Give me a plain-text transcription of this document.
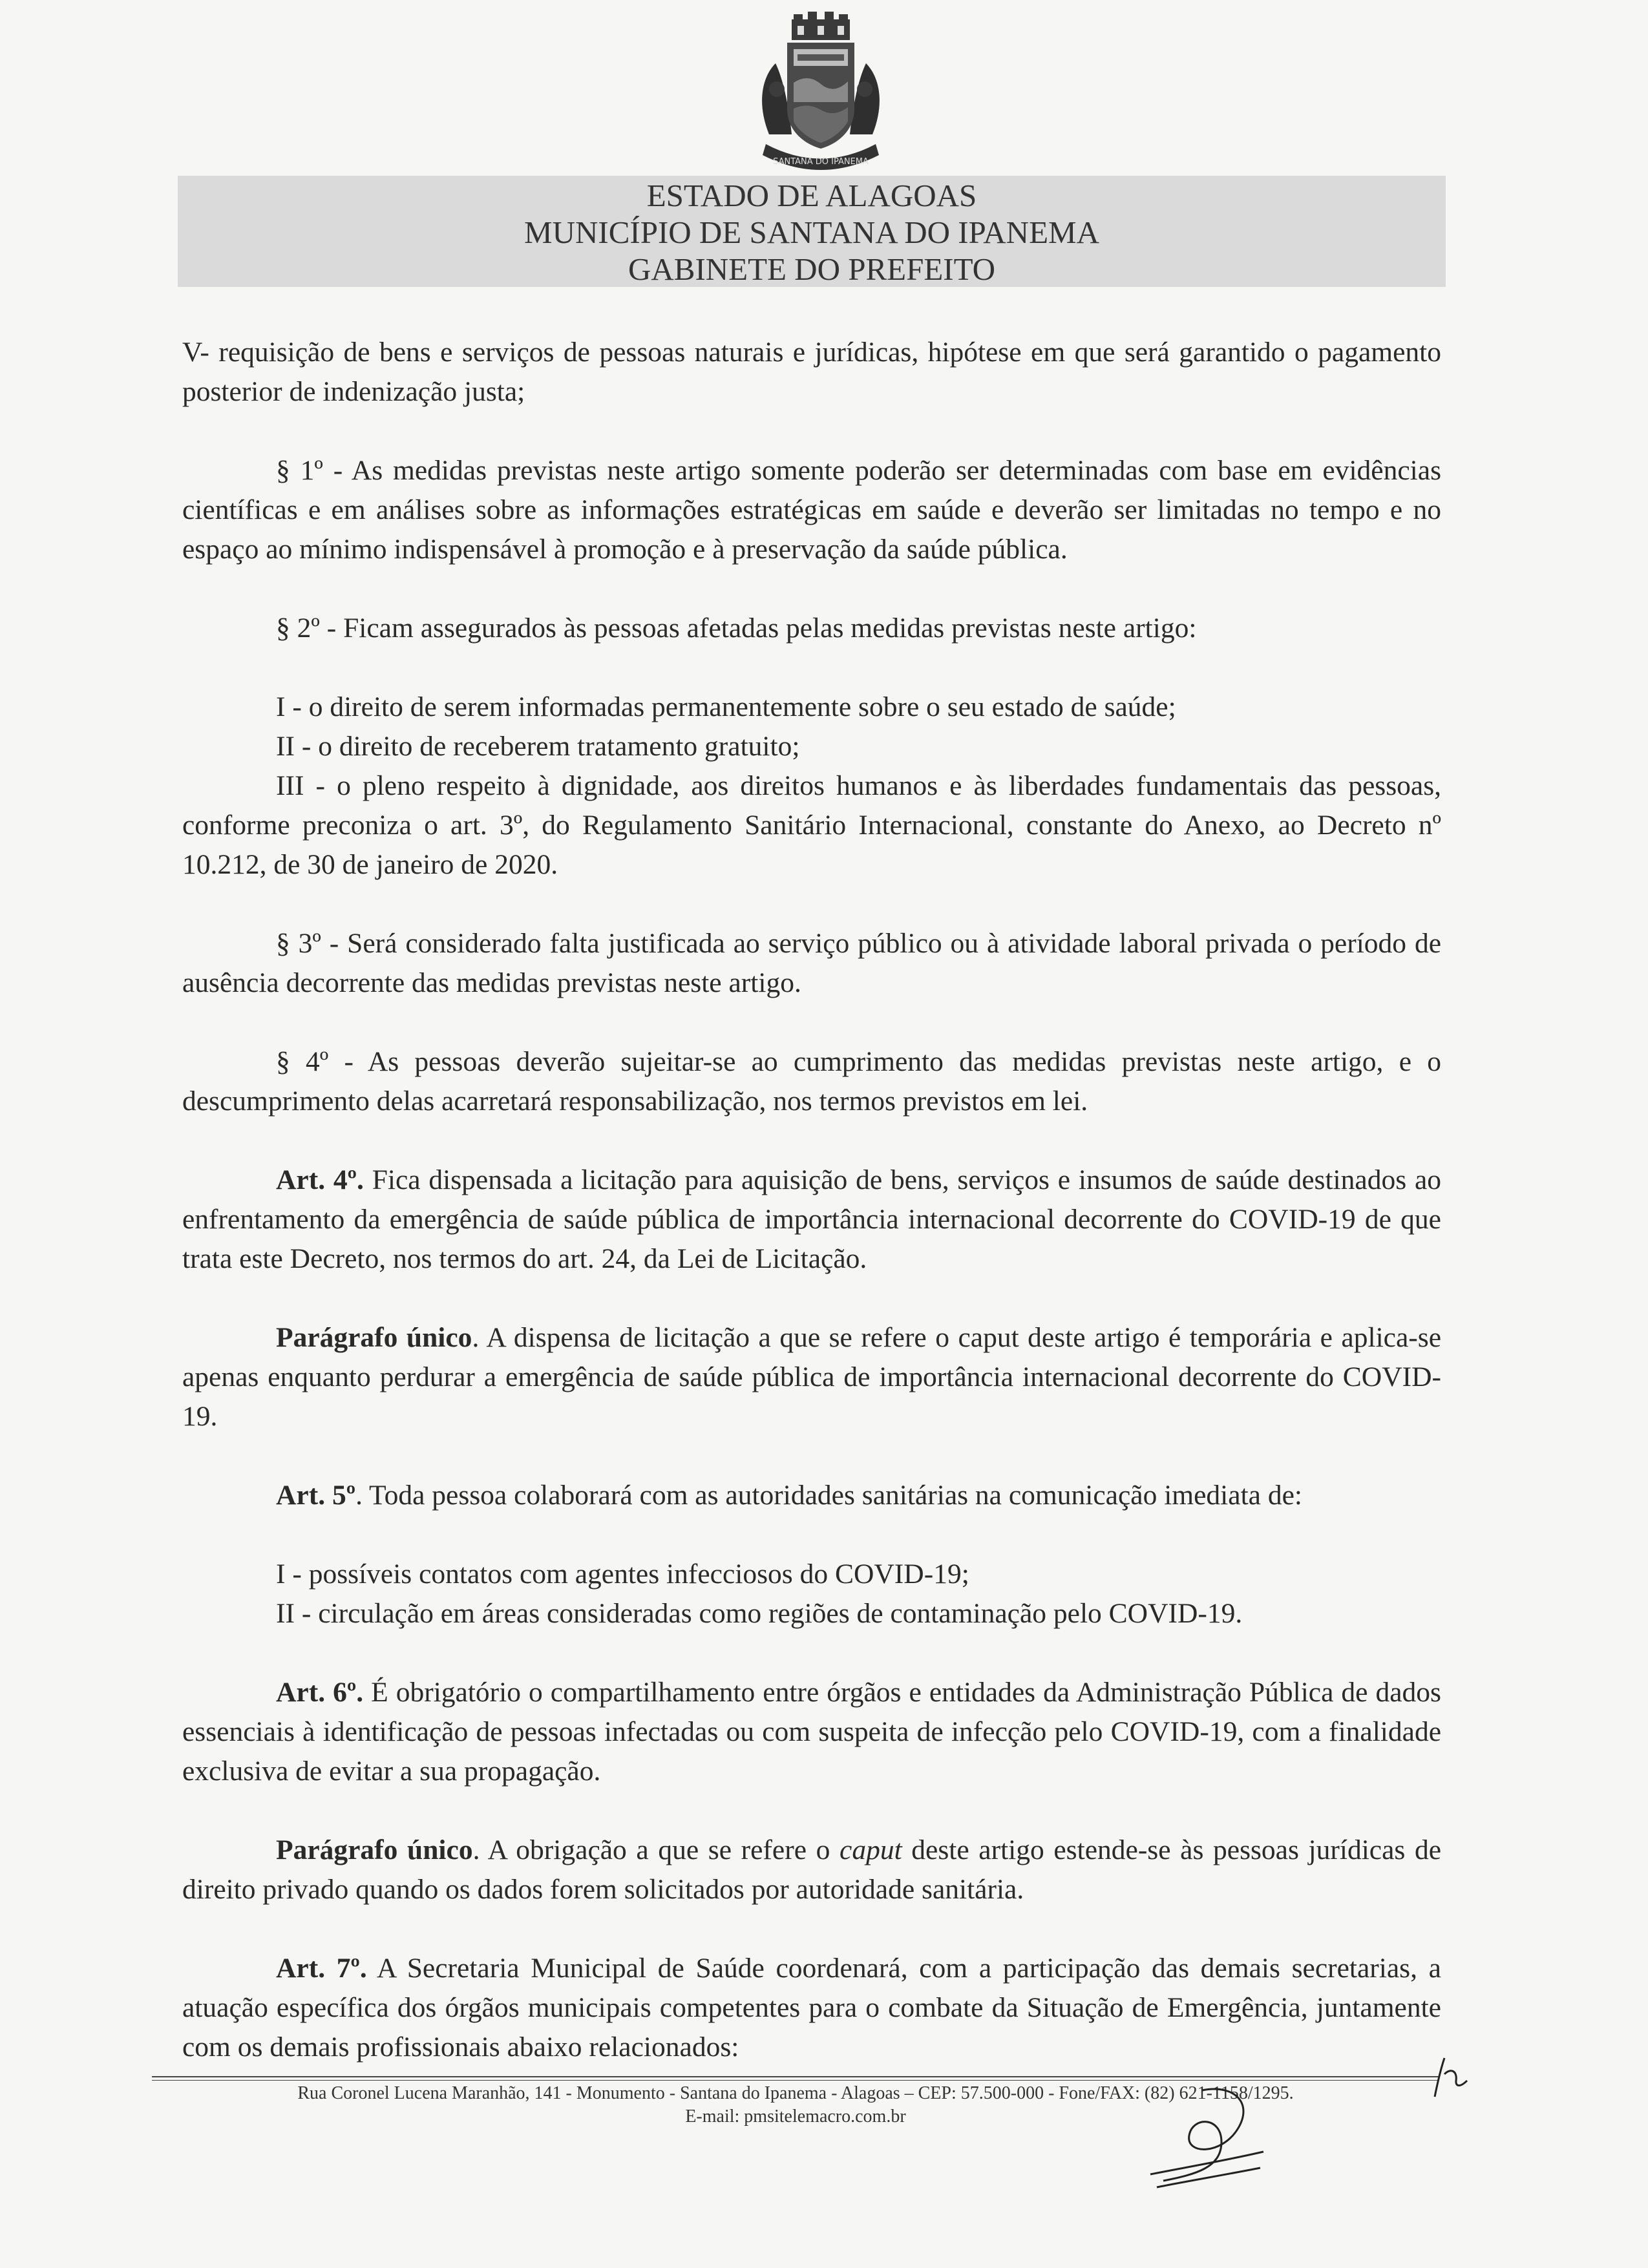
SANTANA DO IPANEMA
ESTADO DE ALAGOAS
MUNICÍPIO DE SANTANA DO IPANEMA
GABINETE DO PREFEITO

V- requisição de bens e serviços de pessoas naturais e jurídicas, hipótese em que será garantido o pagamento posterior de indenização justa;

§ 1º - As medidas previstas neste artigo somente poderão ser determinadas com base em evidências científicas e em análises sobre as informações estratégicas em saúde e deverão ser limitadas no tempo e no espaço ao mínimo indispensável à promoção e à preservação da saúde pública.

§ 2º - Ficam assegurados às pessoas afetadas pelas medidas previstas neste artigo:

I - o direito de serem informadas permanentemente sobre o seu estado de saúde;

II - o direito de receberem tratamento gratuito;

III - o pleno respeito à dignidade, aos direitos humanos e às liberdades fundamentais das pessoas, conforme preconiza o art. 3º, do Regulamento Sanitário Internacional, constante do Anexo, ao Decreto nº 10.212, de 30 de janeiro de 2020.

§ 3º - Será considerado falta justificada ao serviço público ou à atividade laboral privada o período de ausência decorrente das medidas previstas neste artigo.

§ 4º - As pessoas deverão sujeitar-se ao cumprimento das medidas previstas neste artigo, e o descumprimento delas acarretará responsabilização, nos termos previstos em lei.

Art. 4º. Fica dispensada a licitação para aquisição de bens, serviços e insumos de saúde destinados ao enfrentamento da emergência de saúde pública de importância internacional decorrente do COVID-19 de que trata este Decreto, nos termos do art. 24, da Lei de Licitação.

Parágrafo único. A dispensa de licitação a que se refere o caput deste artigo é temporária e aplica-se apenas enquanto perdurar a emergência de saúde pública de importância internacional decorrente do COVID-19.

Art. 5º. Toda pessoa colaborará com as autoridades sanitárias na comunicação imediata de:

I - possíveis contatos com agentes infecciosos do COVID-19;

II - circulação em áreas consideradas como regiões de contaminação pelo COVID-19.

Art. 6º. É obrigatório o compartilhamento entre órgãos e entidades da Administração Pública de dados essenciais à identificação de pessoas infectadas ou com suspeita de infecção pelo COVID-19, com a finalidade exclusiva de evitar a sua propagação.

Parágrafo único. A obrigação a que se refere o caput deste artigo estende-se às pessoas jurídicas de direito privado quando os dados forem solicitados por autoridade sanitária.

Art. 7º. A Secretaria Municipal de Saúde coordenará, com a participação das demais secretarias, a atuação específica dos órgãos municipais competentes para o combate da Situação de Emergência, juntamente com os demais profissionais abaixo relacionados:

Rua Coronel Lucena Maranhão, 141 - Monumento - Santana do Ipanema - Alagoas – CEP: 57.500-000 - Fone/FAX: (82) 621-1158/1295.
E-mail: pmsitelemacro.com.br
